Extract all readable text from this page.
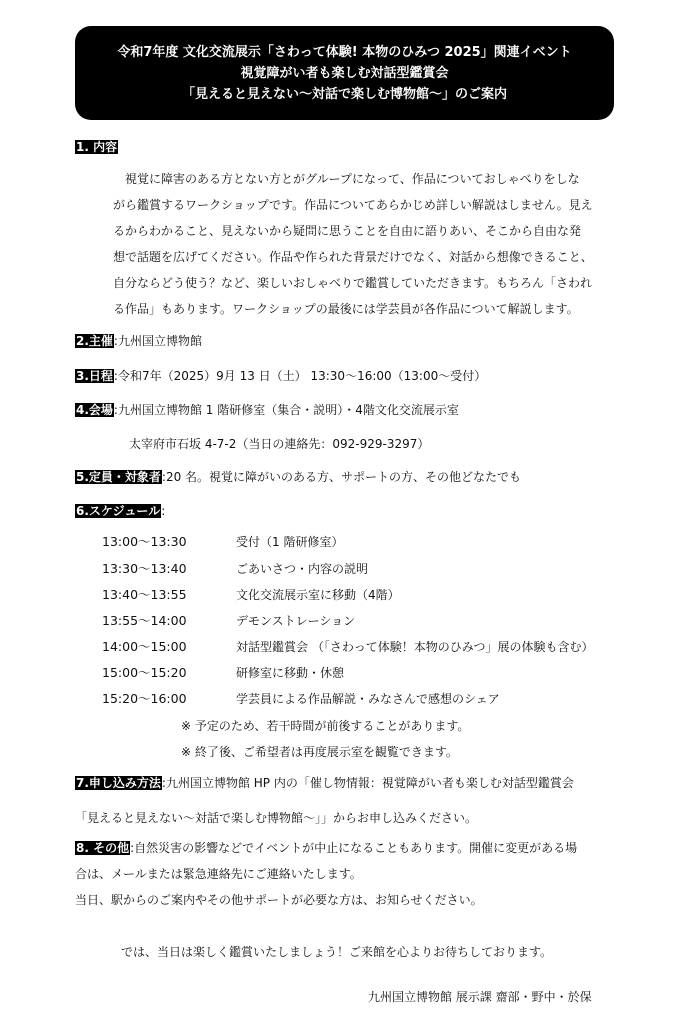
令和7年度 文化交流展示「さわって体験! 本物のひみつ 2025」関連イベント
視覚障がい者も楽しむ対話型鑑賞会
「見えると見えない～対話で楽しむ博物館～」のご案内
1. 内容
視覚に障害のある方とない方とがグループになって、作品についておしゃべりをしな
がら鑑賞するワークショップです。作品についてあらかじめ詳しい解説はしません。見え
るからわかること、見えないから疑問に思うことを自由に語りあい、そこから自由な発
想で話題を広げてください。作品や作られた背景だけでなく、対話から想像できること、
自分ならどう使う？など、楽しいおしゃべりで鑑賞していただきます。もちろん「さわれ
る作品」もあります。ワークショップの最後には学芸員が各作品について解説します。
2.主催:九州国立博物館
3.日程:令和7年（2025）9月 13 日（土） 13:30～16:00（13:00～受付）
4.会場:九州国立博物館 1 階研修室（集合・説明）・4階文化交流展示室
太宰府市石坂 4-7-2（当日の連絡先：092-929-3297）
5.定員・対象者:20 名。視覚に障がいのある方、サポートの方、その他どなたでも
6.スケジュール:
13:00～13:30	受付（1 階研修室）
13:30～13:40	ごあいさつ・内容の説明
13:40～13:55	文化交流展示室に移動（4階）
13:55～14:00	デモンストレーション
14:00～15:00	対話型鑑賞会 （「さわって体験！本物のひみつ」展の体験も含む）
15:00～15:20	研修室に移動・休憩
15:20～16:00	学芸員による作品解説・みなさんで感想のシェア
※ 予定のため、若干時間が前後することがあります。
※ 終了後、ご希望者は再度展示室を観覧できます。
7.申し込み方法:九州国立博物館 HP 内の「催し物情報：視覚障がい者も楽しむ対話型鑑賞会
「見えると見えない～対話で楽しむ博物館～」」からお申し込みください。
8. その他:自然災害の影響などでイベントが中止になることもあります。開催に変更がある場
合は、メールまたは緊急連絡先にご連絡いたします。
当日、駅からのご案内やその他サポートが必要な方は、お知らせください。
では、当日は楽しく鑑賞いたしましょう！ご来館を心よりお待ちしております。
九州国立博物館 展示課 齋部・野中・於保
